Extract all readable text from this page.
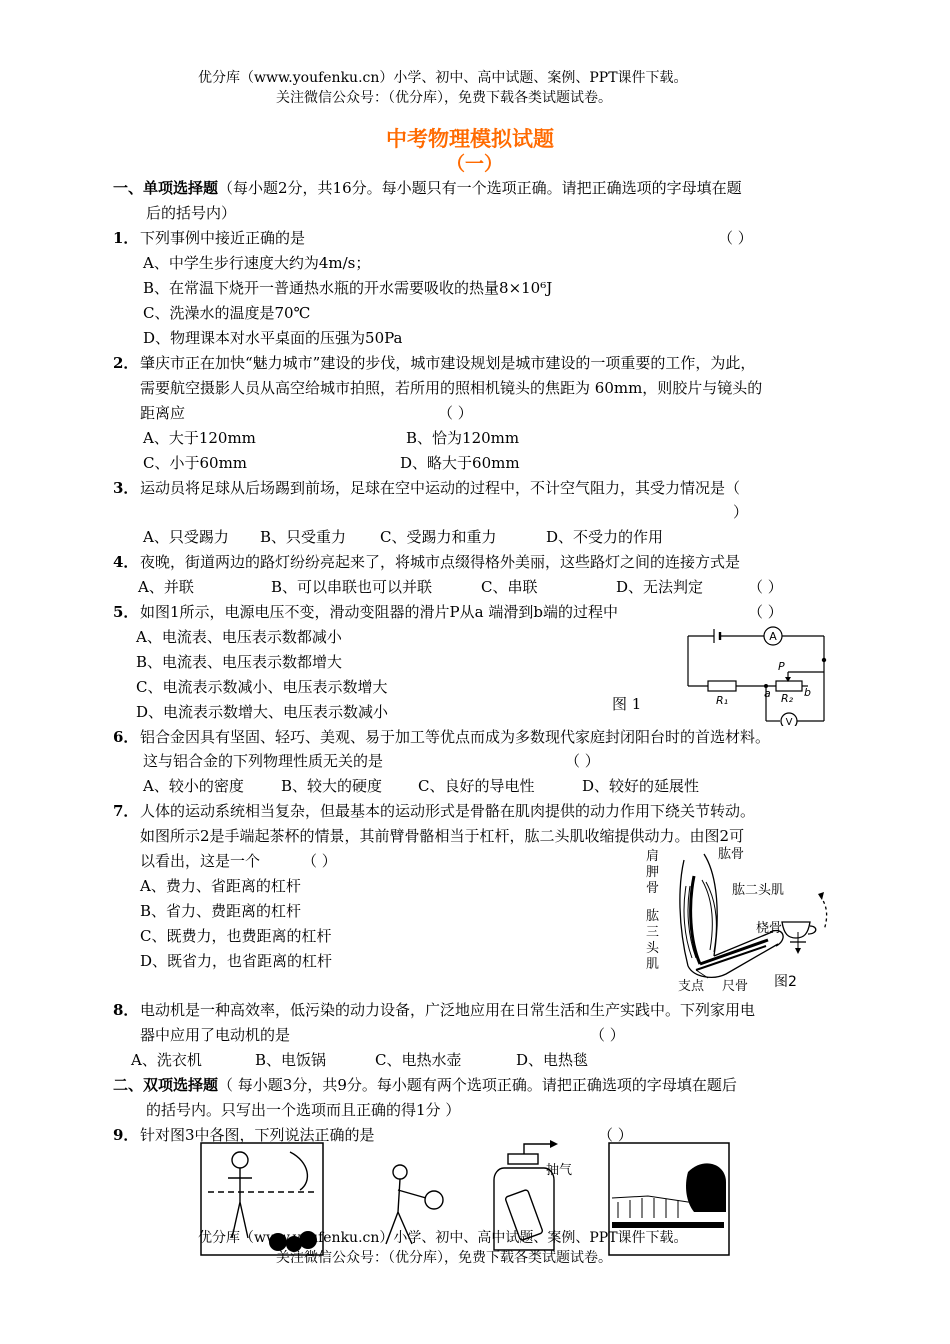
优分库（www.youfenku.cn）小学、初中、高中试题、案例、PPT课件下载。
关注微信公众号：（优分库），免费下载各类试题试卷。
中考物理模拟试题
（一）
一、单项选择题（每小题2分，共16分。每小题只有一个选项正确。请把正确选项的字母填在题
后的括号内）
1． 下列事例中接近正确的是	（ ）
A、中学生步行速度大约为4m/s；
B、在常温下烧开一普通热水瓶的开水需要吸收的热量8×10⁶J
C、洗澡水的温度是70℃
D、物理课本对水平桌面的压强为50Pa
2． 肇庆市正在加快“魅力城市”建设的步伐，城市建设规划是城市建设的一项重要的工作，为此，
需要航空摄影人员从高空给城市拍照，若所用的照相机镜头的焦距为 60mm，则胶片与镜头的
距离应	（ ）
A、大于120mm	B、恰为120mm
C、小于60mm	D、略大于60mm
3． 运动员将足球从后场踢到前场，足球在空中运动的过程中，不计空气阻力，其受力情况是（
）
A、只受踢力 B、只受重力 C、受踢力和重力	D、不受力的作用
4． 夜晚，街道两边的路灯纷纷亮起来了，将城市点缀得格外美丽，这些路灯之间的连接方式是
A、并联	B、可以串联也可以并联	C、串联	D、无法判定	（ ）
5． 如图1所示，电源电压不变，滑动变阻器的滑片P从a 端滑到b端的过程中	（ ）
A、电流表、电压表示数都减小
B、电流表、电压表示数都增大
C、电流表示数减小、电压表示数增大
D、电流表示数增大、电压表示数减小	图 1
A
V
P
R₁	R₂
a	b
6． 铝合金因具有坚固、轻巧、美观、易于加工等优点而成为多数现代家庭封闭阳台时的首选材料。
这与铝合金的下列物理性质无关的是	（ ）
A、较小的密度 B、较大的硬度 C、良好的导电性	D、较好的延展性
7． 人体的运动系统相当复杂，但最基本的运动形式是骨骼在肌肉提供的动力作用下绕关节转动。
如图所示2是手端起茶杯的情景，其前臂骨骼相当于杠杆，肱二头肌收缩提供动力。由图2可
以看出，这是一个	（ ）
A、费力、省距离的杠杆
B、省力、费距离的杠杆
C、既费力，也费距离的杠杆
D、既省力，也省距离的杠杆
肩
胛
骨
肱
三
头
肌
肱骨
肱二头肌
桡骨
支点 尺骨 图2
8． 电动机是一种高效率，低污染的动力设备，广泛地应用在日常生活和生产实践中。下列家用电
器中应用了电动机的是	（ ）
A、洗衣机	B、电饭锅	C、电热水壶	D、电热毯
二、双项选择题（ 每小题3分，共9分。每小题有两个选项正确。请把正确选项的字母填在题后
的括号内。只写出一个选项而且正确的得1分 ）
9． 针对图3中各图，下列说法正确的是	（ ）
抽气
优分库（www.youfenku.cn）小学、初中、高中试题、案例、PPT课件下载。
关注微信公众号：（优分库），免费下载各类试题试卷。
